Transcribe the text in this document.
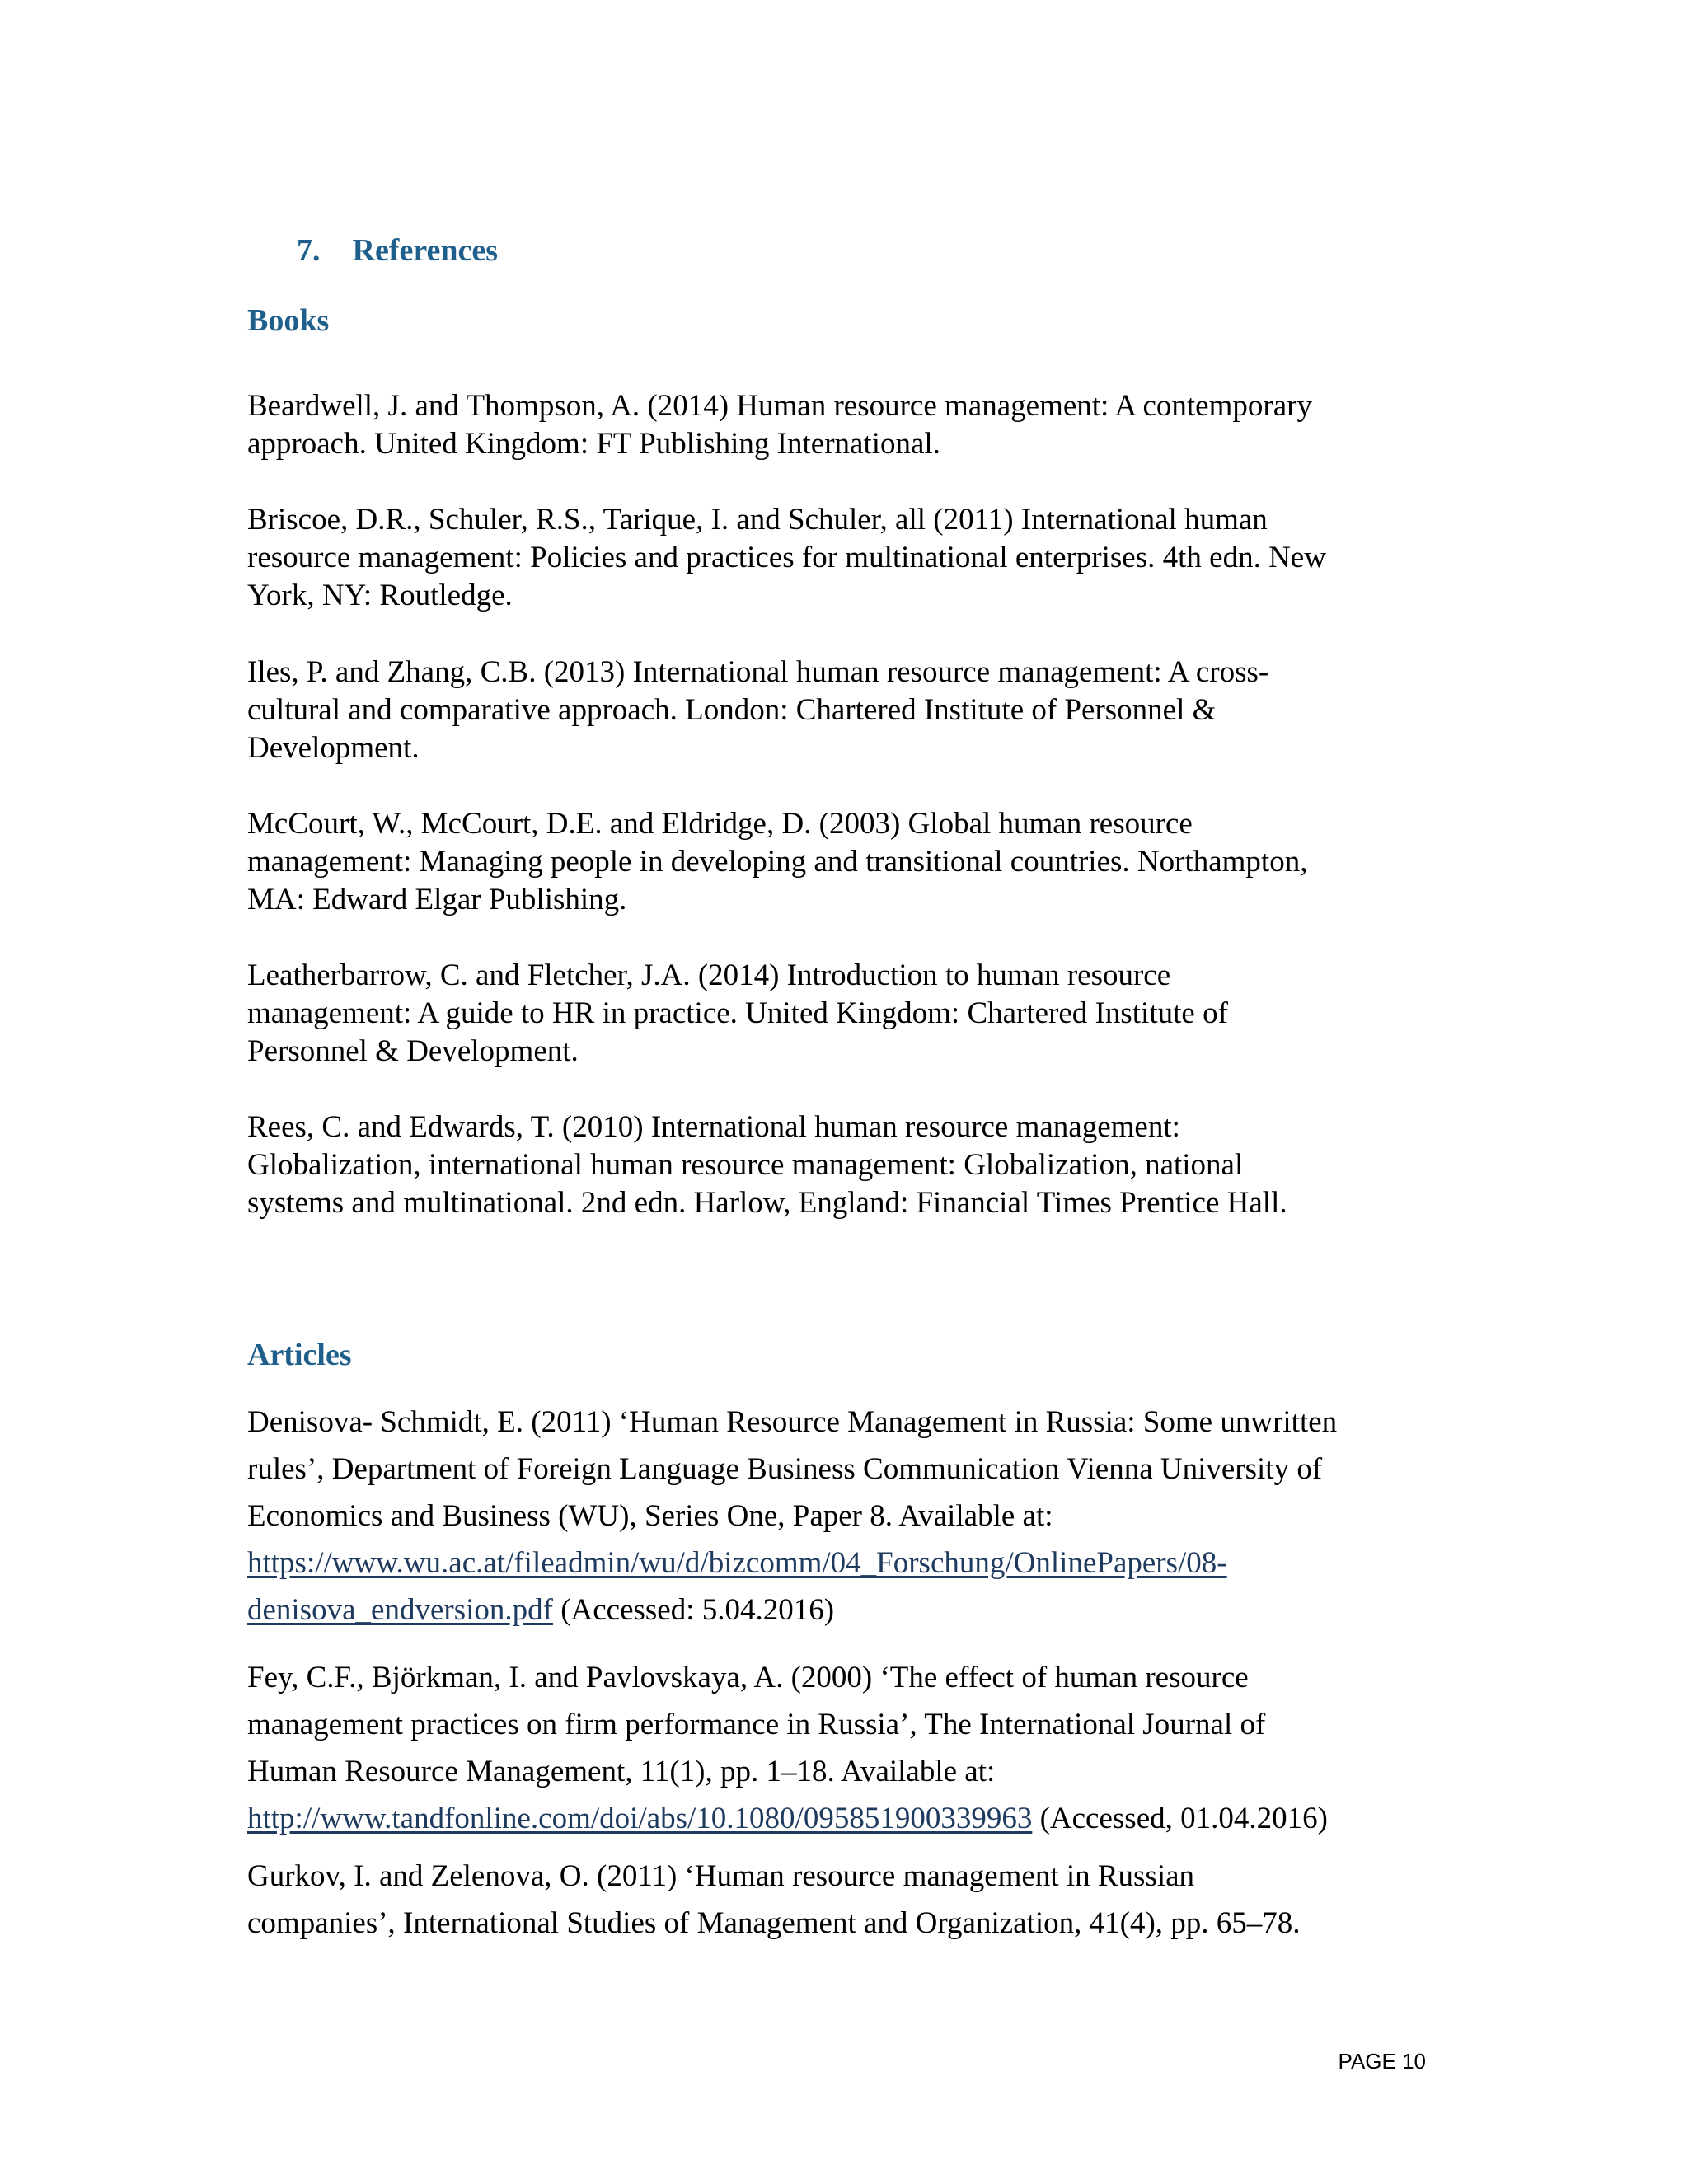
7. References
Books

Beardwell, J. and Thompson, A. (2014) Human resource management: A contemporary
approach. United Kingdom: FT Publishing International.

Briscoe, D.R., Schuler, R.S., Tarique, I. and Schuler, all (2011) International human
resource management: Policies and practices for multinational enterprises. 4th edn. New
York, NY: Routledge.

Iles, P. and Zhang, C.B. (2013) International human resource management: A cross-
cultural and comparative approach. London: Chartered Institute of Personnel &
Development.

McCourt, W., McCourt, D.E. and Eldridge, D. (2003) Global human resource
management: Managing people in developing and transitional countries. Northampton,
MA: Edward Elgar Publishing.

Leatherbarrow, C. and Fletcher, J.A. (2014) Introduction to human resource
management: A guide to HR in practice. United Kingdom: Chartered Institute of
Personnel & Development.

Rees, C. and Edwards, T. (2010) International human resource management:
Globalization, international human resource management: Globalization, national
systems and multinational. 2nd edn. Harlow, England: Financial Times Prentice Hall.

Articles

Denisova- Schmidt, E. (2011) ‘Human Resource Management in Russia: Some unwritten
rules’, Department of Foreign Language Business Communication Vienna University of
Economics and Business (WU), Series One, Paper 8. Available at:
https://www.wu.ac.at/fileadmin/wu/d/bizcomm/04_Forschung/OnlinePapers/08-
denisova_endversion.pdf (Accessed: 5.04.2016)

Fey, C.F., Björkman, I. and Pavlovskaya, A. (2000) ‘The effect of human resource
management practices on firm performance in Russia’, The International Journal of
Human Resource Management, 11(1), pp. 1–18. Available at:
http://www.tandfonline.com/doi/abs/10.1080/095851900339963 (Accessed, 01.04.2016)

Gurkov, I. and Zelenova, O. (2011) ‘Human resource management in Russian
companies’, International Studies of Management and Organization, 41(4), pp. 65–78.

PAGE 10
